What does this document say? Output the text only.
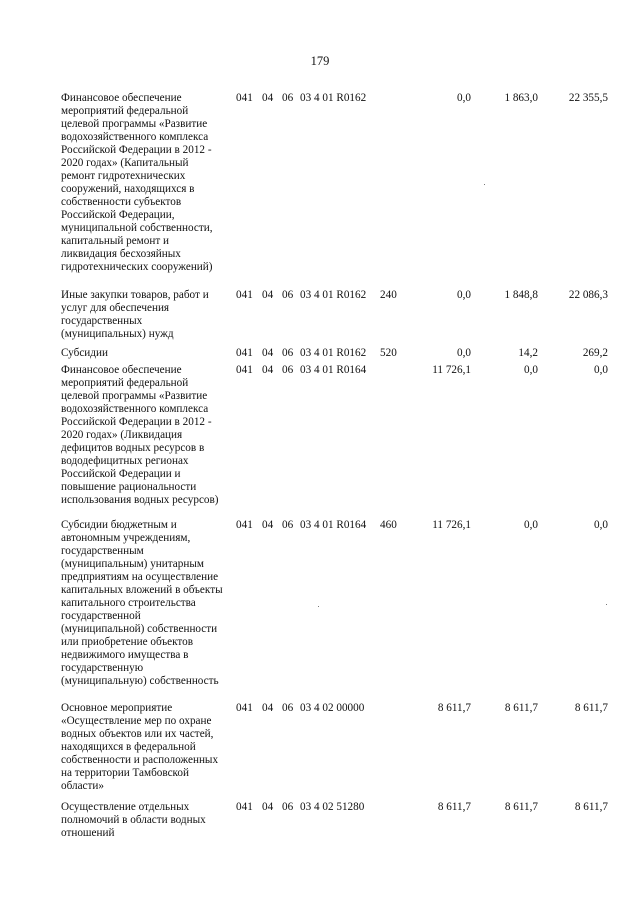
179
Финансовое обеспечение
мероприятий федеральной
целевой программы «Развитие
водохозяйственного комплекса
Российской Федерации в 2012 -
2020 годах» (Капитальный
ремонт гидротехнических
сооружений, находящихся в
собственности субъектов
Российской Федерации,
муниципальной собственности,
капитальный ремонт и
ликвидация бесхозяйных
гидротехнических сооружений)
041 04 06 03 4 01 R0162	0,0	1 863,0	22 355,5
Иные закупки товаров, работ и
услуг для обеспечения
государственных
(муниципальных) нужд
041 04 06 03 4 01 R0162 240	0,0	1 848,8	22 086,3
Субсидии	041 04 06 03 4 01 R0162 520	0,0	14,2	269,2
Финансовое обеспечение
мероприятий федеральной
целевой программы «Развитие
водохозяйственного комплекса
Российской Федерации в 2012 -
2020 годах» (Ликвидация
дефицитов водных ресурсов в
вододефицитных регионах
Российской Федерации и
повышение рациональности
использования водных ресурсов)
041 04 06 03 4 01 R0164	11 726,1	0,0	0,0
Субсидии бюджетным и
автономным учреждениям,
государственным
(муниципальным) унитарным
предприятиям на осуществление
капитальных вложений в объекты
капитального строительства
государственной
(муниципальной) собственности
или приобретение объектов
недвижимого имущества в
государственную
(муниципальную) собственность
041 04 06 03 4 01 R0164 460	11 726,1	0,0	0,0
Основное мероприятие
«Осуществление мер по охране
водных объектов или их частей,
находящихся в федеральной
собственности и расположенных
на территории Тамбовской
области»
041 04 06 03 4 02 00000	8 611,7	8 611,7	8 611,7
Осуществление отдельных
полномочий в области водных
отношений
041 04 06 03 4 02 51280	8 611,7	8 611,7	8 611,7
